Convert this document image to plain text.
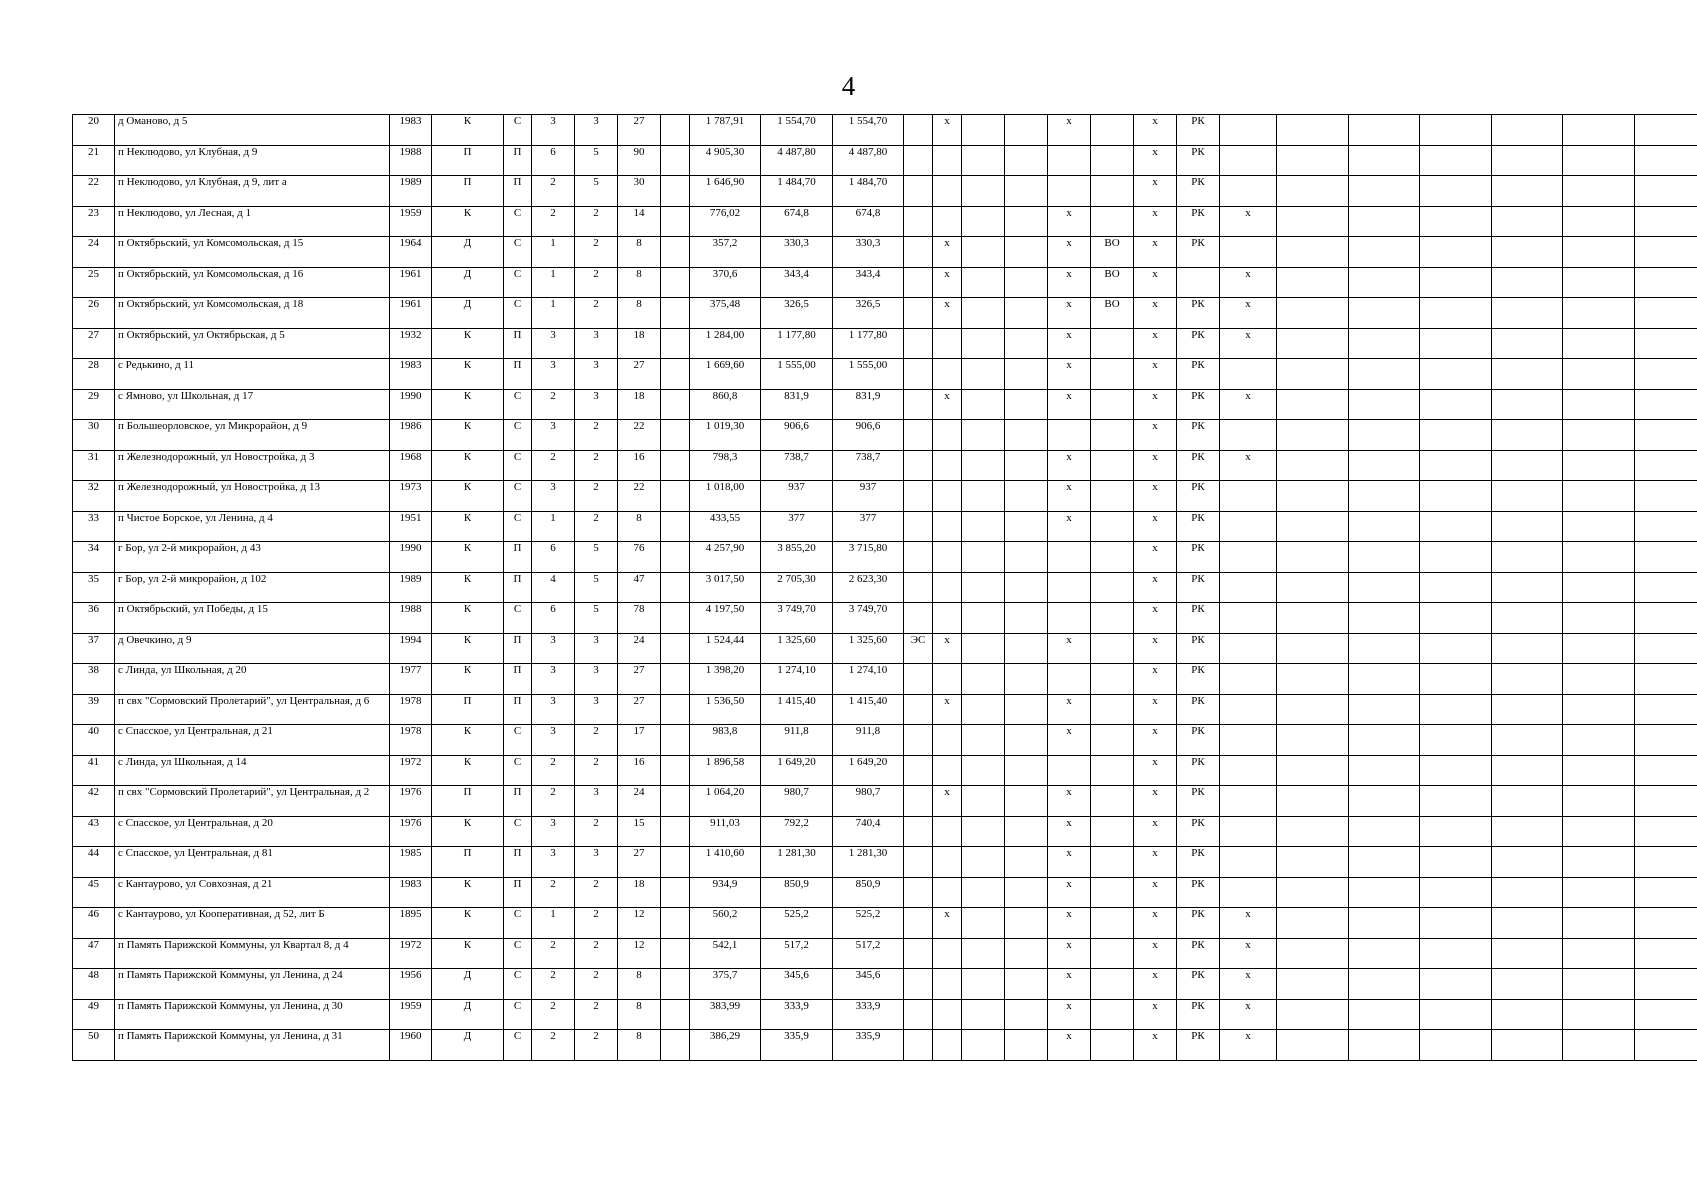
4
20	д Оманово, д 5	1983	К	С	3	3	27		1 787,91	1 554,70	1 554,70		х			х		х	РК									
21	п Неклюдово, ул Клубная, д 9	1988	П	П	6	5	90		4 905,30	4 487,80	4 487,80							х	РК									
22	п Неклюдово, ул Клубная, д 9, лит а	1989	П	П	2	5	30		1 646,90	1 484,70	1 484,70							х	РК									
23	п Неклюдово, ул Лесная, д 1	1959	К	С	2	2	14		776,02	674,8	674,8					х		х	РК	х								
24	п Октябрьский, ул Комсомольская, д 15	1964	Д	С	1	2	8		357,2	330,3	330,3		х			х	ВО	х	РК									
25	п Октябрьский, ул Комсомольская, д 16	1961	Д	С	1	2	8		370,6	343,4	343,4		х			х	ВО	х		х								
26	п Октябрьский, ул Комсомольская, д 18	1961	Д	С	1	2	8		375,48	326,5	326,5		х			х	ВО	х	РК	х								
27	п Октябрьский, ул Октябрьская, д 5	1932	К	П	3	3	18		1 284,00	1 177,80	1 177,80					х		х	РК	х								
28	с Редькино, д 11	1983	К	П	3	3	27		1 669,60	1 555,00	1 555,00					х		х	РК									
29	с Ямново, ул Школьная, д 17	1990	К	С	2	3	18		860,8	831,9	831,9		х			х		х	РК	х								
30	п Большеорловское, ул Микрорайон, д 9	1986	К	С	3	2	22		1 019,30	906,6	906,6							х	РК									
31	п Железнодорожный, ул Новостройка, д 3	1968	К	С	2	2	16		798,3	738,7	738,7					х		х	РК	х								
32	п Железнодорожный, ул Новостройка, д 13	1973	К	С	3	2	22		1 018,00	937	937					х		х	РК									
33	п Чистое Борское, ул Ленина, д 4	1951	К	С	1	2	8		433,55	377	377					х		х	РК									
34	г Бор, ул 2-й микрорайон, д 43	1990	К	П	6	5	76		4 257,90	3 855,20	3 715,80							х	РК									
35	г Бор, ул 2-й микрорайон, д 102	1989	К	П	4	5	47		3 017,50	2 705,30	2 623,30							х	РК									
36	п Октябрьский, ул Победы, д 15	1988	К	С	6	5	78		4 197,50	3 749,70	3 749,70							х	РК									
37	д Овечкино, д 9	1994	К	П	3	3	24		1 524,44	1 325,60	1 325,60	ЭС	х			х		х	РК									
38	с Линда, ул Школьная, д 20	1977	К	П	3	3	27		1 398,20	1 274,10	1 274,10							х	РК									
39	п свх "Сормовский Пролетарий", ул Центральная, д 6	1978	П	П	3	3	27		1 536,50	1 415,40	1 415,40		х			х		х	РК									
40	с Спасское, ул Центральная, д 21	1978	К	С	3	2	17		983,8	911,8	911,8					х		х	РК									
41	с Линда, ул Школьная, д 14	1972	К	С	2	2	16		1 896,58	1 649,20	1 649,20							х	РК									
42	п свх "Сормовский Пролетарий", ул Центральная, д 2	1976	П	П	2	3	24		1 064,20	980,7	980,7		х			х		х	РК									
43	с Спасское, ул Центральная, д 20	1976	К	С	3	2	15		911,03	792,2	740,4					х		х	РК									
44	с Спасское, ул Центральная, д 81	1985	П	П	3	3	27		1 410,60	1 281,30	1 281,30					х		х	РК									
45	с Кантаурово, ул Совхозная, д 21	1983	К	П	2	2	18		934,9	850,9	850,9					х		х	РК									
46	с Кантаурово, ул Кооперативная, д 52, лит Б	1895	К	С	1	2	12		560,2	525,2	525,2		х			х		х	РК	х								
47	п Память Парижской Коммуны, ул Квартал 8, д 4	1972	К	С	2	2	12		542,1	517,2	517,2					х		х	РК	х								
48	п Память Парижской Коммуны, ул Ленина, д 24	1956	Д	С	2	2	8		375,7	345,6	345,6					х		х	РК	х								
49	п Память Парижской Коммуны, ул Ленина, д 30	1959	Д	С	2	2	8		383,99	333,9	333,9					х		х	РК	х								
50	п Память Парижской Коммуны, ул Ленина, д 31	1960	Д	С	2	2	8		386,29	335,9	335,9					х		х	РК	х								
